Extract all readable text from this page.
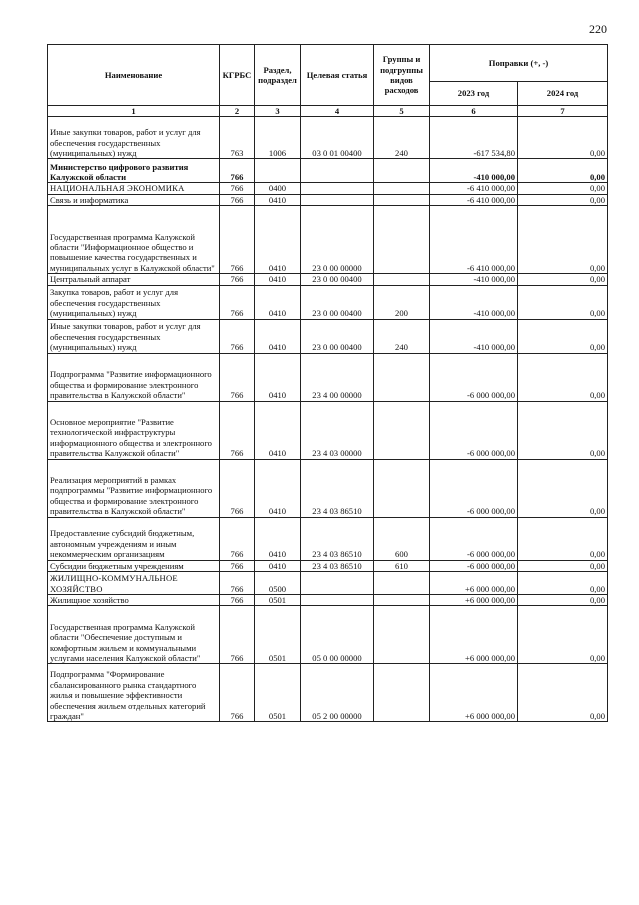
220
Наименование	КГРБС	Раздел, подраздел	Целевая статья	Группы и подгруппы видов расходов	Поправки (+, -)	
					2023 год	2024 год
1	2	3	4	5	6	7
Иные закупки товаров, работ и услуг для обеспечения государственных (муниципальных) нужд	763	1006	03 0 01 00400	240	-617 534,80	0,00
Министерство цифрового развития Калужской области	766				-410 000,00	0,00
НАЦИОНАЛЬНАЯ ЭКОНОМИКА	766	0400			-6 410 000,00	0,00
Связь и информатика	766	0410			-6 410 000,00	0,00
Государственная программа Калужской области "Информационное общество и повышение качества государственных и муниципальных услуг в Калужской области"	766	0410	23 0 00 00000		-6 410 000,00	0,00
Центральный аппарат	766	0410	23 0 00 00400		-410 000,00	0,00
Закупка товаров, работ и услуг для обеспечения государственных (муниципальных) нужд	766	0410	23 0 00 00400	200	-410 000,00	0,00
Иные закупки товаров, работ и услуг для обеспечения государственных (муниципальных) нужд	766	0410	23 0 00 00400	240	-410 000,00	0,00
Подпрограмма "Развитие информационного общества и формирование электронного правительства в Калужской области"	766	0410	23 4 00 00000		-6 000 000,00	0,00
Основное мероприятие "Развитие технологической инфраструктуры информационного общества и электронного правительства Калужской области"	766	0410	23 4 03 00000		-6 000 000,00	0,00
Реализация мероприятий в рамках подпрограммы "Развитие информационного общества и формирование электронного правительства в Калужской области"	766	0410	23 4 03 86510		-6 000 000,00	0,00
Предоставление субсидий бюджетным, автономным учреждениям и иным некоммерческим организациям	766	0410	23 4 03 86510	600	-6 000 000,00	0,00
Субсидии бюджетным учреждениям	766	0410	23 4 03 86510	610	-6 000 000,00	0,00
ЖИЛИЩНО-КОММУНАЛЬНОЕ ХОЗЯЙСТВО	766	0500			+6 000 000,00	0,00
Жилищное хозяйство	766	0501			+6 000 000,00	0,00
Государственная программа Калужской области "Обеспечение доступным и комфортным жильем и коммунальными услугами населения Калужской области"	766	0501	05 0 00 00000		+6 000 000,00	0,00
Подпрограмма "Формирование сбалансированного рынка стандартного жилья и повышение эффективности обеспечения жильем отдельных категорий граждан"	766	0501	05 2 00 00000		+6 000 000,00	0,00
